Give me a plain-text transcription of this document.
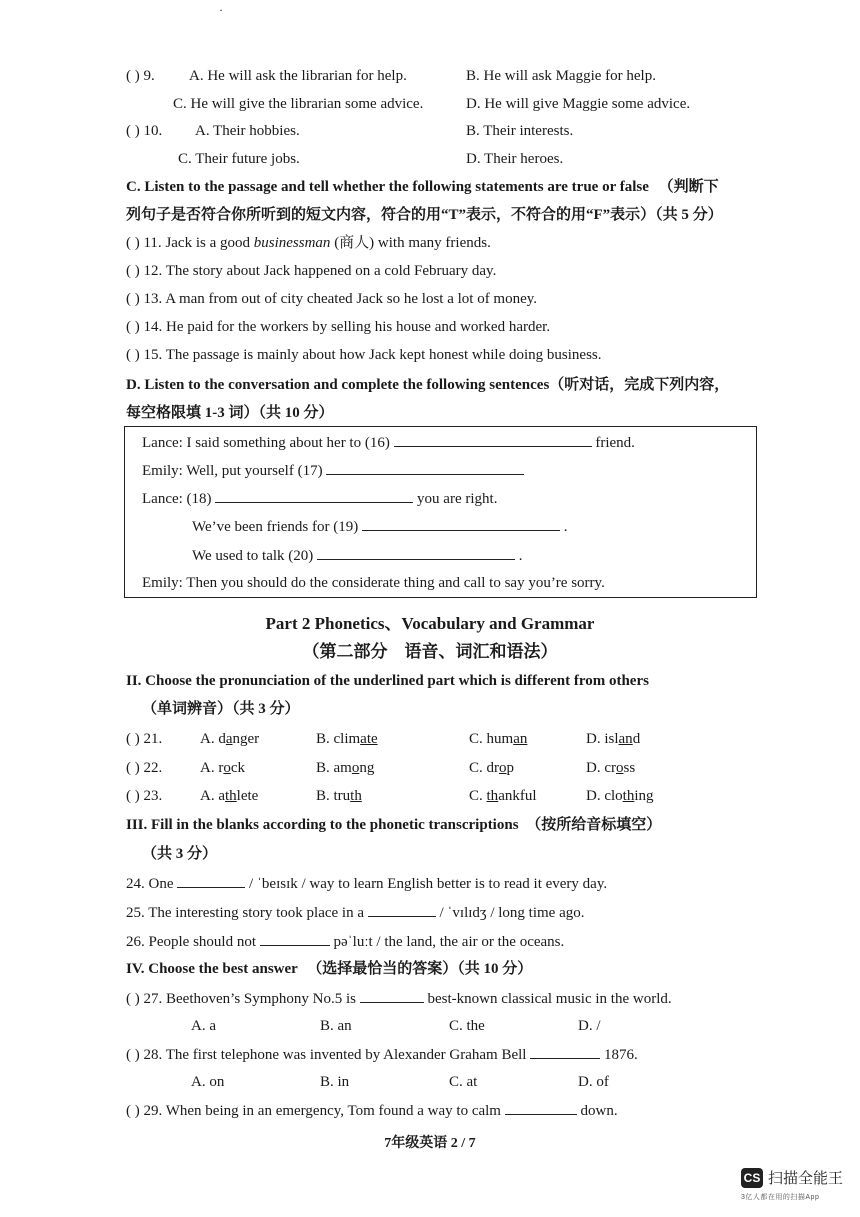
·
( ) 9. A. He will ask the librarian for help.	B. He will ask Maggie for help.
C. He will give the librarian some advice.	D. He will give Maggie some advice.
( ) 10. A. Their hobbies.	B. Their interests.
C. Their future jobs.	D. Their heroes.
C. Listen to the passage and tell whether the following statements are true or false （判断下
列句子是否符合你所听到的短文内容，符合的用“T”表示，不符合的用“F”表示）（共 5 分）
( ) 11. Jack is a good businessman (商人) with many friends.
( ) 12. The story about Jack happened on a cold February day.
( ) 13. A man from out of city cheated Jack so he lost a lot of money.
( ) 14. He paid for the workers by selling his house and worked harder.
( ) 15. The passage is mainly about how Jack kept honest while doing business.
D. Listen to the conversation and complete the following sentences（听对话，完成下列内容，
每空格限填 1-3 词）（共 10 分）
Lance: I said something about her to (16)	friend.
Emily: Well, put yourself (17)
Lance: (18)	you are right.
We’ve been friends for (19)	.
We used to talk (20)	.
Emily: Then you should do the considerate thing and call to say you’re sorry.
Part 2 Phonetics、Vocabulary and Grammar
（第二部分　语音、词汇和语法）
II. Choose the pronunciation of the underlined part which is different from others
（单词辨音）（共 3 分）
( ) 21.	A. danger	B. climate	C. human	D. island
( ) 22.	A. rock	B. among	C. drop	D. cross
( ) 23.	A. athlete	B. truth	C. thankful	D. clothing
III. Fill in the blanks according to the phonetic transcriptions （按所给音标填空）
（共 3 分）
24. One	/ ˈbeɪsɪk / way to learn English better is to read it every day.
25. The interesting story took place in a	/ ˈvɪlɪdʒ / long time ago.
26. People should not	pəˈluːt / the land, the air or the oceans.
IV. Choose the best answer （选择最恰当的答案）（共 10 分）
( ) 27. Beethoven’s Symphony No.5 is	best-known classical music in the world.
A. a	B. an	C. the	D. /
( ) 28. The first telephone was invented by Alexander Graham Bell	1876.
A. on	B. in	C. at	D. of
( ) 29. When being in an emergency, Tom found a way to calm	down.
7年级英语 2 / 7
CS 扫描全能王
3亿人都在用的扫描App
